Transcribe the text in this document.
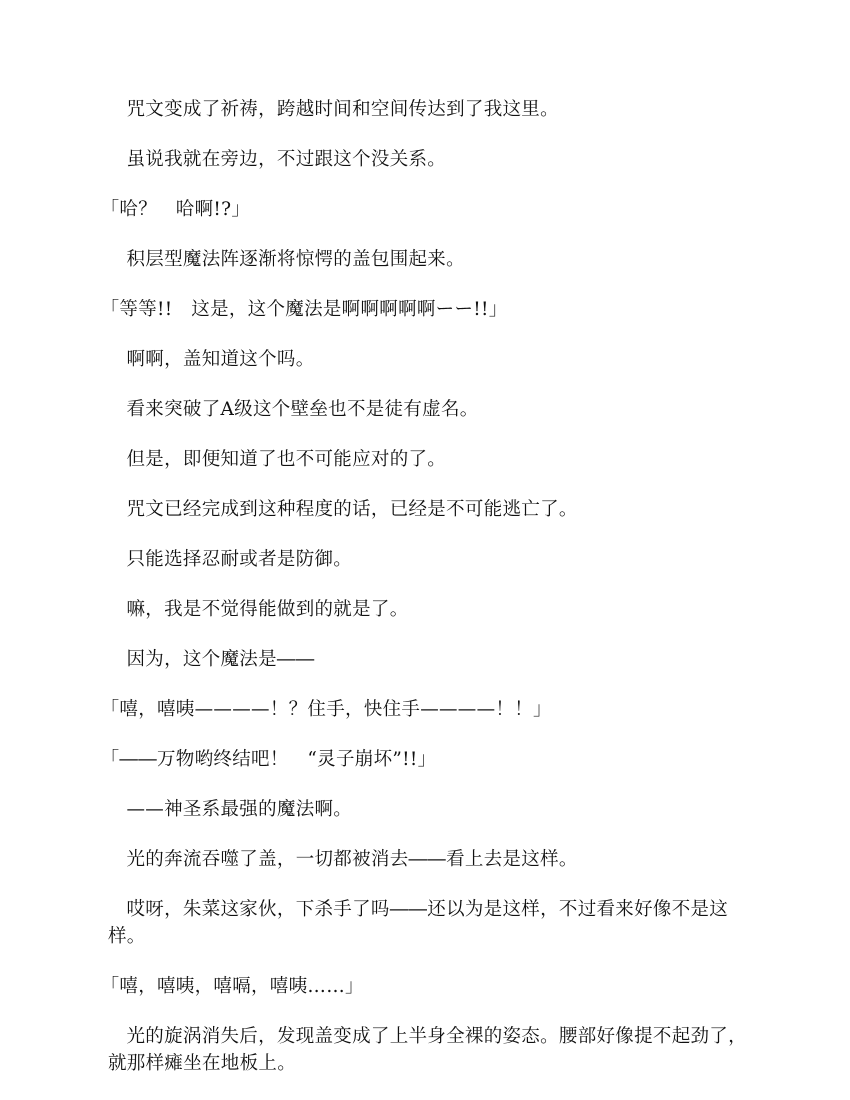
咒文变成了祈祷，跨越时间和空间传达到了我这里。

虽说我就在旁边，不过跟这个没关系。

「哈？　哈啊!?」

积层型魔法阵逐渐将惊愕的盖包围起来。

「等等!!　这是，这个魔法是啊啊啊啊啊ーー!!」

啊啊，盖知道这个吗。

看来突破了A级这个壁垒也不是徒有虚名。

但是，即便知道了也不可能应对的了。

咒文已经完成到这种程度的话，已经是不可能逃亡了。

只能选择忍耐或者是防御。

嘛，我是不觉得能做到的就是了。

因为，这个魔法是――

「嘻，嘻咦————！？住手，快住手————！！」

「――万物哟终结吧！　“灵子崩坏”!!」

——神圣系最强的魔法啊。

光的奔流吞噬了盖，一切都被消去――看上去是这样。

哎呀，朱菜这家伙，下杀手了吗――还以为是这样，不过看来好像不是这样。

「嘻，嘻咦，嘻嗝，嘻咦……」

光的旋涡消失后，发现盖变成了上半身全裸的姿态。腰部好像提不起劲了，就那样瘫坐在地板上。
